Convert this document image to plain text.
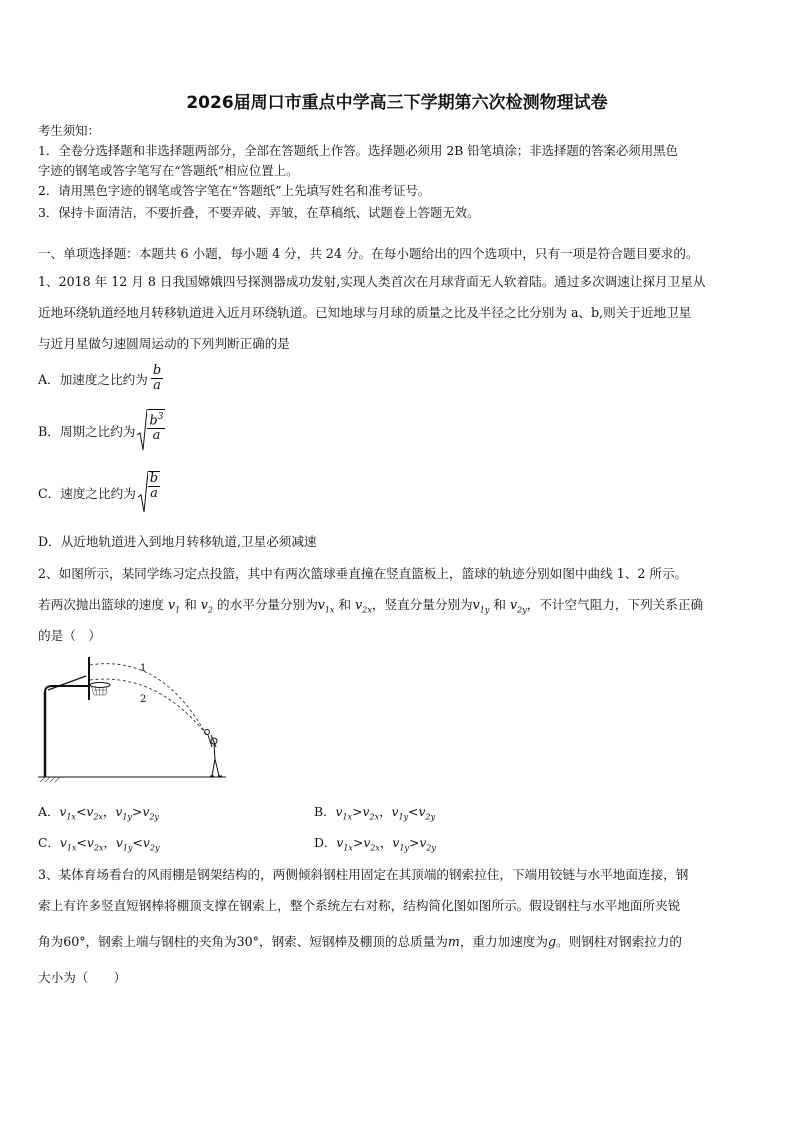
2026届周口市重点中学高三下学期第六次检测物理试卷
考生须知：
1．全卷分选择题和非选择题两部分，全部在答题纸上作答。选择题必须用 2B 铅笔填涂；非选择题的答案必须用黑色
字迹的钢笔或答字笔写在“答题纸”相应位置上。
2．请用黑色字迹的钢笔或答字笔在“答题纸”上先填写姓名和准考证号。
3．保持卡面清洁，不要折叠，不要弄破、弄皱，在草稿纸、试题卷上答题无效。
一、单项选择题：本题共 6 小题，每小题 4 分，共 24 分。在每小题给出的四个选项中，只有一项是符合题目要求的。
1、2018 年 12 月 8 日我国嫦娥四号探测器成功发射,实现人类首次在月球背面无人软着陆。通过多次调速让探月卫星从
近地环绕轨道经地月转移轨道进入近月环绕轨道。已知地球与月球的质量之比及半径之比分别为 a、b,则关于近地卫星
与近月星做匀速圆周运动的下列判断正确的是
A．加速度之比约为 $\frac{b}{a}$
B．周期之比约为 $\frac{b^3}{a}$
C．速度之比约为 $\frac{b}{a}$
D．从近地轨道进入到地月转移轨道,卫星必须减速
2、如图所示，某同学练习定点投篮，其中有两次篮球垂直撞在竖直篮板上，篮球的轨迹分别如图中曲线 1、2 所示。
若两次抛出篮球的速度 $v_1$ 和 $v_2$ 的水平分量分别为$v_{1x}$ 和 $v_{2x}$，竖直分量分别为$v_{1y}$ 和 $v_{2y}$，不计空气阻力，下列关系正确
的是（　）
1
2
A．$v_{1x}<v_{2x}$，$v_{1y}>v_{2y}$	B．$v_{1x}>v_{2x}$，$v_{1y}<v_{2y}$
C．$v_{1x}<v_{2x}$，$v_{1y}<v_{2y}$	D．$v_{1x}>v_{2x}$，$v_{1y}>v_{2y}$
3、某体育场看台的风雨棚是钢架结构的，两侧倾斜钢柱用固定在其顶端的钢索拉住，下端用铰链与水平地面连接，钢
索上有许多竖直短钢棒将棚顶支撑在钢索上，整个系统左右对称，结构简化图如图所示。假设钢柱与水平地面所夹锐
角为60°，钢索上端与钢柱的夹角为30°，钢索、短钢棒及棚顶的总质量为m，重力加速度为g。则钢柱对钢索拉力的
大小为（　　）
